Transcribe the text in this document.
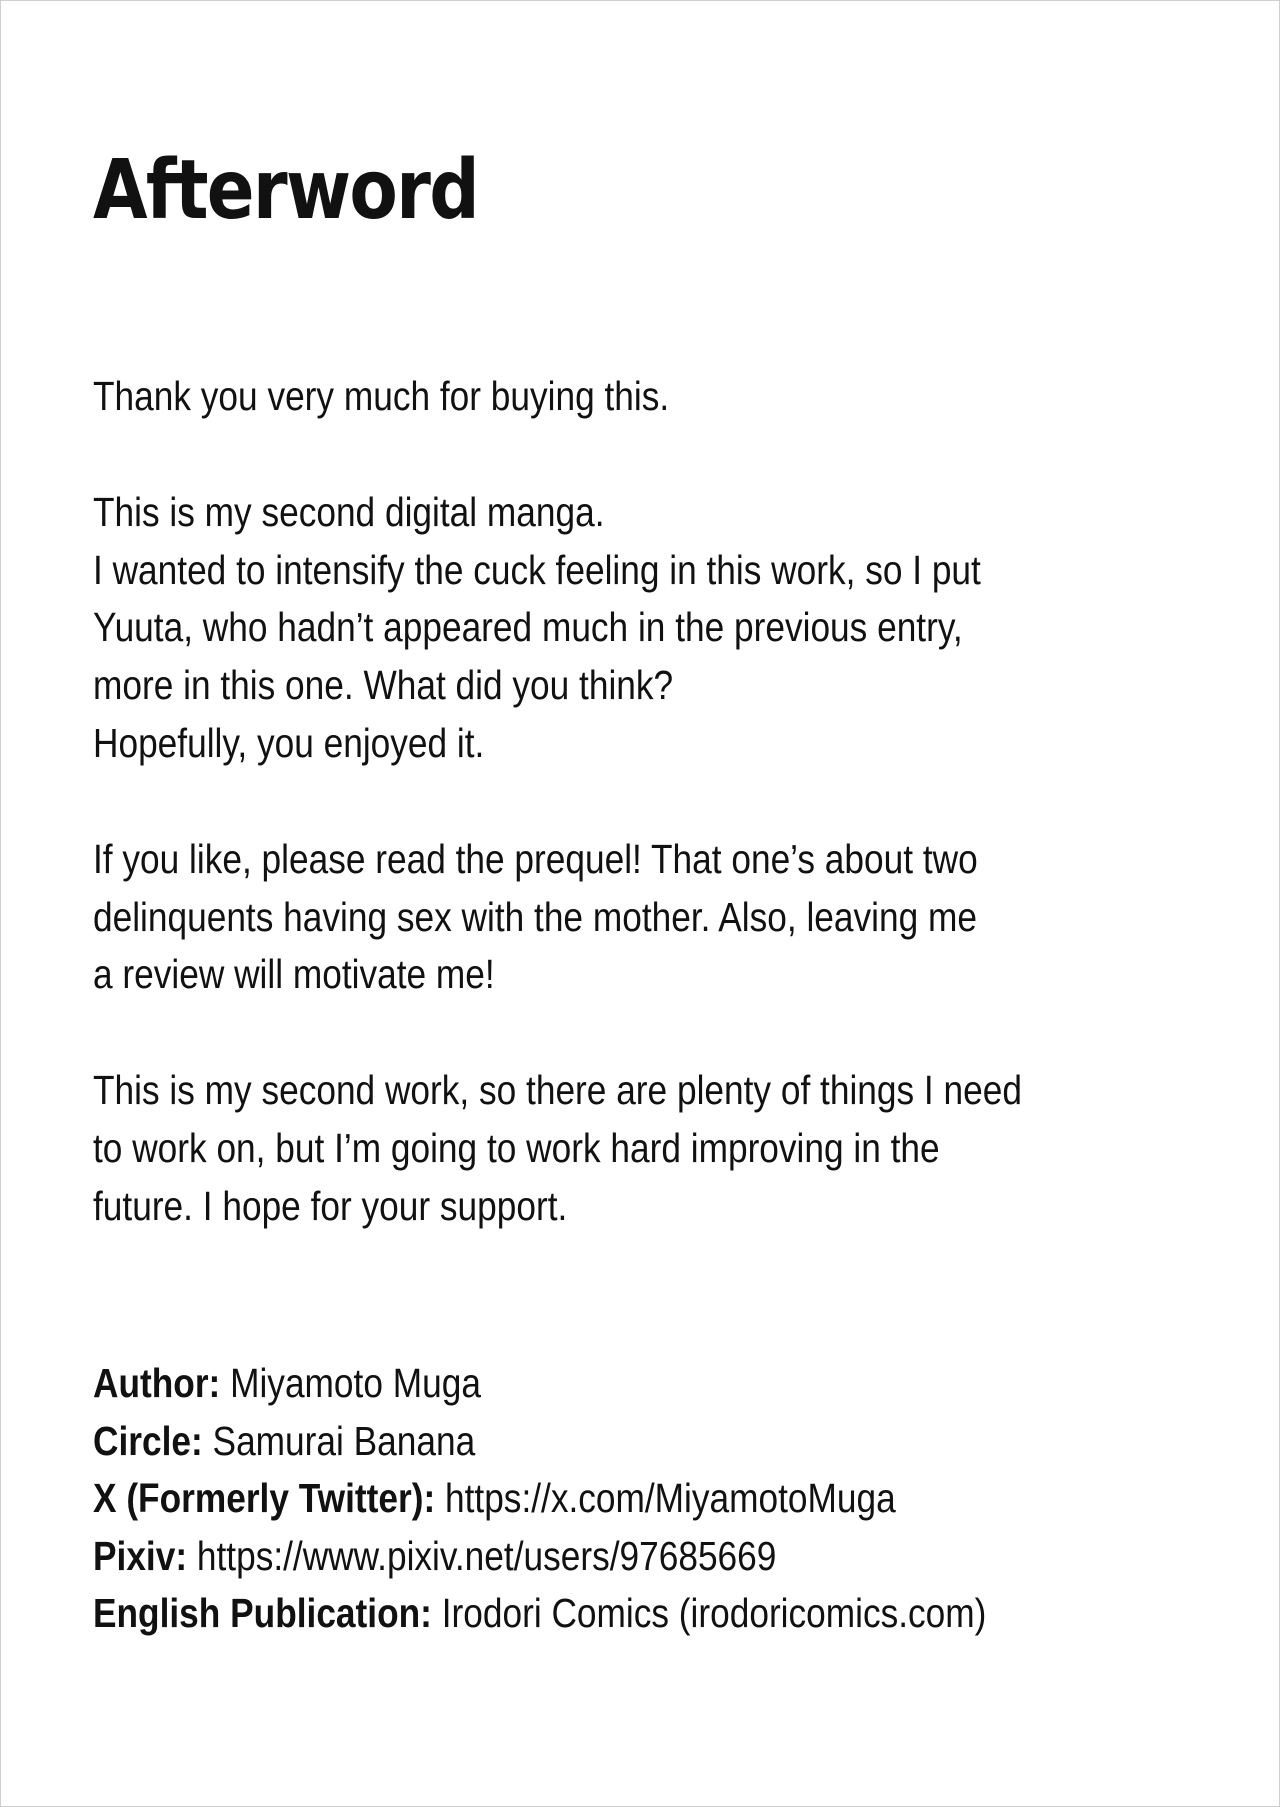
Afterword

Thank you very much for buying this.

This is my second digital manga.
I wanted to intensify the cuck feeling in this work, so I put
Yuuta, who hadn’t appeared much in the previous entry,
more in this one. What did you think?
Hopefully, you enjoyed it.

If you like, please read the prequel! That one’s about two
delinquents having sex with the mother. Also, leaving me
a review will motivate me!

This is my second work, so there are plenty of things I need
to work on, but I’m going to work hard improving in the
future. I hope for your support.

Author: Miyamoto Muga
Circle: Samurai Banana
X (Formerly Twitter): https://x.com/MiyamotoMuga
Pixiv: https://www.pixiv.net/users/97685669
English Publication: Irodori Comics (irodoricomics.com)
